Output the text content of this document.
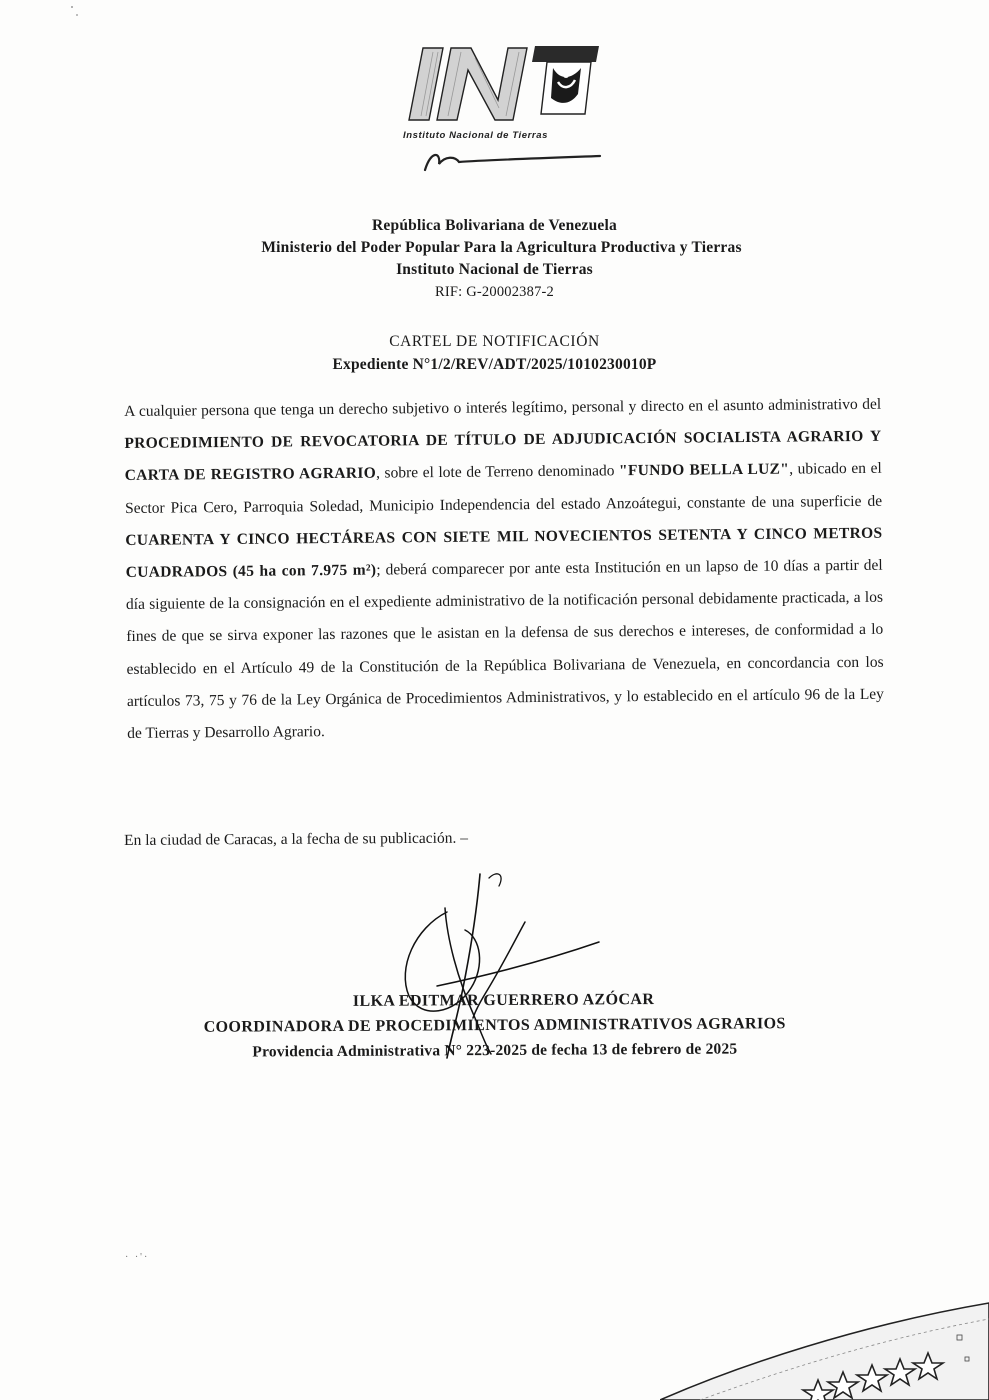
Instituto Nacional de Tierras
República Bolivariana de Venezuela
Ministerio del Poder Popular Para la Agricultura Productiva y Tierras
Instituto Nacional de Tierras
RIF: G-20002387-2
CARTEL DE NOTIFICACIÓN
Expediente N°1/2/REV/ADT/2025/1010230010P
A cualquier persona que tenga un derecho subjetivo o interés legítimo, personal y directo en el asunto administrativo del PROCEDIMIENTO DE REVOCATORIA DE TÍTULO DE ADJUDICACIÓN SOCIALISTA AGRARIO Y CARTA DE REGISTRO AGRARIO, sobre el lote de Terreno denominado "FUNDO BELLA LUZ", ubicado en el Sector Pica Cero, Parroquia Soledad, Municipio Independencia del estado Anzoátegui, constante de una superficie de CUARENTA Y CINCO HECTÁREAS CON SIETE MIL NOVECIENTOS SETENTA Y CINCO METROS CUADRADOS (45 ha con 7.975 m²); deberá comparecer por ante esta Institución en un lapso de 10 días a partir del día siguiente de la consignación en el expediente administrativo de la notificación personal debidamente practicada, a los fines de que se sirva exponer las razones que le asistan en la defensa de sus derechos e intereses, de conformidad a lo establecido en el Artículo 49 de la Constitución de la República Bolivariana de Venezuela, en concordancia con los artículos 73, 75 y 76 de la Ley Orgánica de Procedimientos Administrativos, y lo establecido en el artículo 96 de la Ley de Tierras y Desarrollo Agrario.
En la ciudad de Caracas, a la fecha de su publicación. –
ILKA EDITMAR GUERRERO AZÓCAR
COORDINADORA DE PROCEDIMIENTOS ADMINISTRATIVOS AGRARIOS
Providencia Administrativa N° 223-2025 de fecha 13 de febrero de 2025
· ·'·
